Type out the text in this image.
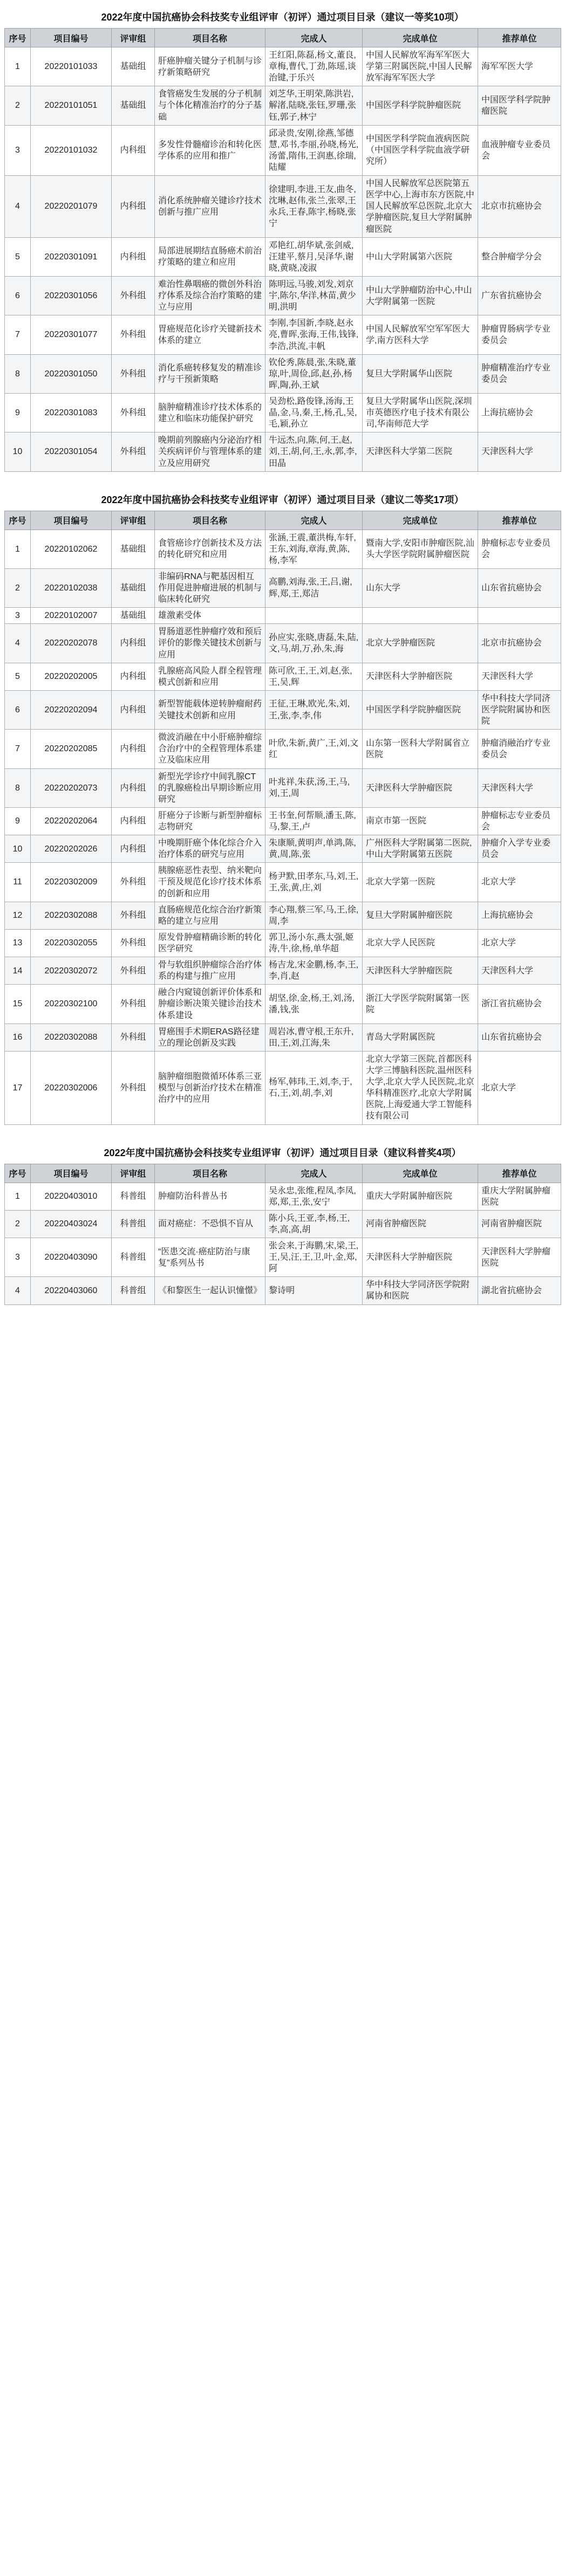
2022年度中国抗癌协会科技奖专业组评审（初评）通过项目目录（建议一等奖10项）
序号	项目编号	评审组	项目名称	完成人	完成单位	推荐单位
1	20220101033	基础组	肝癌肿瘤关键分子机制与诊疗新策略研究	王红阳,陈磊,杨文,董良,章梅,曹代,丁劲,陈瑶,谈治键,于乐兴	中国人民解放军海军军医大学第三附属医院,中国人民解放军海军军医大学	海军军医大学
2	20220101051	基础组	食管癌发生发展的分子机制与个体化精准治疗的分子基础	刘芝华,王明荣,陈洪岩,解渚,陆晓,张钰,罗珊,张钰,郭子,林宁	中国医学科学院肿瘤医院	中国医学科学院肿瘤医院
3	20220101032	内科组	多发性骨髓瘤诊治和转化医学体系的应用和推广	邱录贵,安刚,徐燕,邹德慧,邓书,李丽,孙晓,杨光,汤蕾,隋伟,王润惠,徐瑞,陆耀	中国医学科学院血液病医院（中国医学科学院血液学研究所）	血液肿瘤专业委员会
4	20220201079	内科组	消化系统肿瘤关键诊疗技术创新与推广应用	徐建明,李进,王友,曲冬,沈琳,赵伟,张兰,张翠,王永兵,王春,陈宇,杨晓,张宁	中国人民解放军总医院第五医学中心,上海市东方医院,中国人民解放军总医院,北京大学肿瘤医院,复旦大学附属肿瘤医院	北京市抗癌协会
5	20220301091	内科组	局部进展期结直肠癌术前治疗策略的建立和应用	邓艳红,胡华斌,张剑威,汪建平,蔡月,吴泽华,谢晓,黄晓,凌淑	中山大学附属第六医院	整合肿瘤学分会
6	20220301056	外科组	难治性鼻咽癌的微创外科治疗体系及综合治疗策略的建立与应用	陈明远,马骏,刘发,刘京宇,陈尔,华洋,林苗,黄少明,洪明	中山大学肿瘤防治中心,中山大学附属第一医院	广东省抗癌协会
7	20220301077	外科组	胃癌规范化诊疗关键新技术体系的建立	李刚,李国新,李晓,赵永亮,曹晖,张海,王伟,钱锋,李浩,洪流,丰帆	中国人民解放军空军军医大学,南方医科大学	肿瘤胃肠病学专业委员会
8	20220301050	外科组	消化系癌转移复发的精准诊疗与干预新策略	钦伦秀,陈晨,张,朱晓,董琼,叶,周俭,邱,赵,孙,杨晖,陶,孙,王斌	复旦大学附属华山医院	肿瘤精准治疗专业委员会
9	20220301083	外科组	脑肿瘤精准诊疗技术体系的建立和临床功能保护研究	吴劲松,路俊锋,汤海,王晶,金,马,秦,王,杨,孔,吴,毛,颖,孙立	复旦大学附属华山医院,深圳市英德医疗电子技术有限公司,华南师范大学	上海抗癌协会
10	20220301054	外科组	晚期前列腺癌内分泌治疗相关疾病评价与管理体系的建立及应用研究	牛远杰,向,陈,何,王,赵,刘,王,胡,何,王,永,郭,李,田晶	天津医科大学第二医院	天津医科大学
2022年度中国抗癌协会科技奖专业组评审（初评）通过项目目录（建议二等奖17项）
序号	项目编号	评审组	项目名称	完成人	完成单位	推荐单位
1	20220102062	基础组	食管癌诊疗创新技术及方法的转化研究和应用	张涵,王震,董洪梅,车轩,王东,刘海,章海,黄,陈,杨,李军	暨南大学,安阳市肿瘤医院,汕头大学医学院附属肿瘤医院	肿瘤标志专业委员会
2	20220102038	基础组	非编码RNA与靶基因相互作用促进肿瘤进展的机制与临床转化研究	高鹏,刘海,张,王,吕,谢,辉,郑,王,郑洁	山东大学	山东省抗癌协会
3	20220102007	基础组	雄激素受体			
4	20220202078	内科组	胃肠道恶性肿瘤疗效和预后评价的影像关键技术创新与应用	孙应实,张晓,唐磊,朱,陆,文,马,胡,万,孙,朱,海	北京大学肿瘤医院	北京市抗癌协会
5	20220202005	内科组	乳腺癌高风险人群全程管理模式创新和应用	陈可欣,王,王,刘,赵,张,王,吴,辉	天津医科大学肿瘤医院	天津医科大学
6	20220202094	内科组	新型智能载体逆转肿瘤耐药关键技术创新和应用	王征,王琳,欧光,朱,刘,王,张,李,李,伟	中国医学科学院肿瘤医院	华中科技大学同济医学院附属协和医院
7	20220202085	内科组	微波消融在中小肝癌肿瘤综合治疗中的全程管理体系建立及临床应用	叶欣,朱新,黄广,王,刘,文红	山东第一医科大学附属省立医院	肿瘤消融治疗专业委员会
8	20220202073	内科组	新型光学诊疗中间乳腺CT的乳腺癌检出早期诊断应用研究	叶兆祥,朱获,汤,王,马,刘,王,周	天津医科大学肿瘤医院	天津医科大学
9	20220202064	内科组	肝癌分子诊断与新型肿瘤标志物研究	王书奎,何帮顺,潘玉,陈,马,黎,王,卢	南京市第一医院	肿瘤标志专业委员会
10	20220202026	内科组	中晚期肝癌个体化综合介入治疗体系的研究与应用	朱康顺,黄明声,单鸿,陈,黄,周,陈,张	广州医科大学附属第二医院,中山大学附属第五医院	肿瘤介入学专业委员会
11	20220302009	外科组	胰腺癌恶性表型、纳米靶向干预及规范化诊疗技术体系的创新和应用	杨尹默,田孝东,马,刘,王,王,张,黄,庄,刘	北京大学第一医院	北京大学
12	20220302088	外科组	直肠癌规范化综合治疗新策略的建立与应用	李心翔,蔡三军,马,王,徐,周,李	复旦大学附属肿瘤医院	上海抗癌协会
13	20220302055	外科组	原发骨肿瘤精确诊断的转化医学研究	郭卫,汤小东,燕太强,姬涛,牛,徐,杨,单华超	北京大学人民医院	北京大学
14	20220302072	外科组	骨与软组织肿瘤综合治疗体系的构建与推广应用	杨吉龙,宋金鹏,杨,李,王,李,肖,赵	天津医科大学肿瘤医院	天津医科大学
15	20220302100	外科组	融合内窥镜创新评价体系和肿瘤诊断决策关键诊治技术体系建设	胡坚,徐,金,杨,王,刘,汤,潘,钱,张	浙江大学医学院附属第一医院	浙江省抗癌协会
16	20220302088	外科组	胃癌围手术期ERAS路径建立的理论创新及实践	周岩冰,曹守根,王东升,田,王,刘,江海,朱	青岛大学附属医院	山东省抗癌协会
17	20220302006	外科组	脑肿瘤细胞微循环体系三亚模型与创新治疗技术在精准治疗中的应用	杨军,韩玮,王,刘,李,于,石,王,刘,胡,李,刘	北京大学第三医院,首都医科大学三博脑科医院,温州医科大学,北京大学人民医院,北京华科精准医疗,北京大学附属医院,上海爱通大学工智能科技有限公司	北京大学
2022年度中国抗癌协会科技奖专业组评审（初评）通过项目目录（建议科普奖4项）
序号	项目编号	评审组	项目名称	完成人	完成单位	推荐单位
1	20220403010	科普组	肿瘤防治科普丛书	吴永忠,张维,程凤,李凤,郑,郑,王,张,安宁	重庆大学附属肿瘤医院	重庆大学附属肿瘤医院
2	20220403024	科普组	面对癌症：不恐惧不盲从	陈小兵,王亚,李,杨,王,李,高,高,胡	河南省肿瘤医院	河南省肿瘤医院
3	20220403090	科普组	“医患交流·癌症防治与康复”系列丛书	张会来,于海鹏,宋,梁,王,王,吴,汪,王,卫,叶,金,郑,阿	天津医科大学肿瘤医院	天津医科大学肿瘤医院
4	20220403060	科普组	《和黎医生一起认识憧憬》	黎诗明	华中科技大学同济医学院附属协和医院	湖北省抗癌协会
